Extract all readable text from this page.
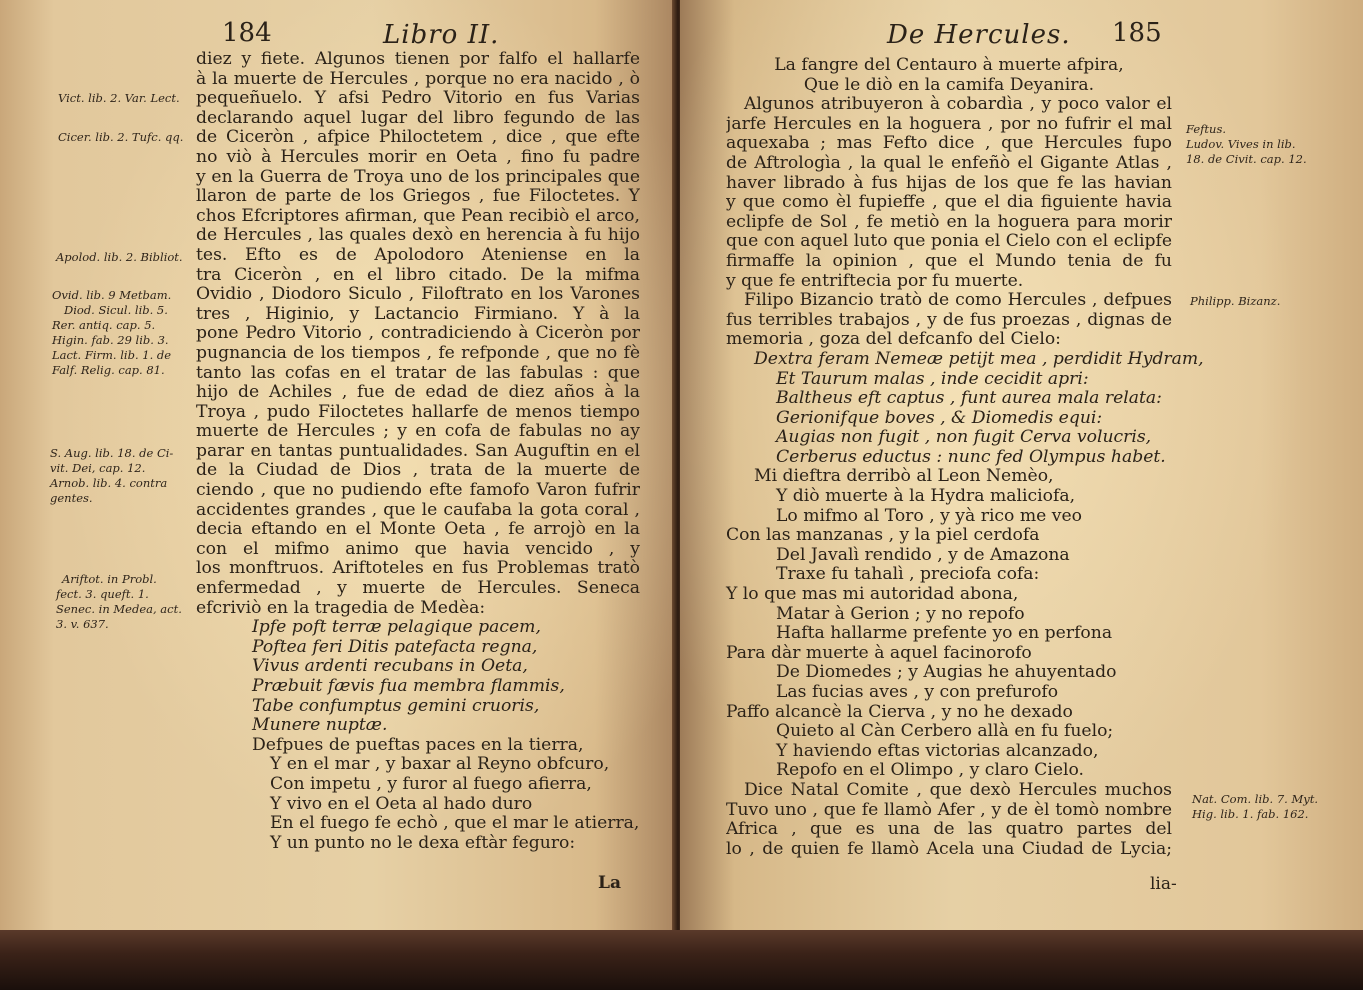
184	Libro II.
diez y fiete. Algunos tienen por falfo el hallarfe
à la muerte de Hercules , porque no era nacido , ò
pequeñuelo. Y afsi Pedro Vitorio en fus Varias
declarando aquel lugar del libro fegundo de las
de Ciceròn , afpice Philoctetem , dice , que efte
no viò à Hercules morir en Oeta , fino fu padre
y en la Guerra de Troya uno de los principales que
llaron de parte de los Griegos , fue Filoctetes. Y
chos Efcriptores afirman, que Pean recibiò el arco,
de Hercules , las quales dexò en herencia à fu hijo
tes. Efto es de Apolodoro Ateniense en la
tra Ciceròn , en el libro citado. De la mifma
Ovidio , Diodoro Siculo , Filoftrato en los Varones
tres , Higinio, y Lactancio Firmiano. Y à la
pone Pedro Vitorio , contradiciendo à Ciceròn por
pugnancia de los tiempos , fe refponde , que no fè
tanto las cofas en el tratar de las fabulas : que
hijo de Achiles , fue de edad de diez años à la
Troya , pudo Filoctetes hallarfe de menos tiempo
muerte de Hercules ; y en cofa de fabulas no ay
parar en tantas puntualidades. San Auguftin en el
de la Ciudad de Dios , trata de la muerte de
ciendo , que no pudiendo efte famofo Varon fufrir
accidentes grandes , que le caufaba la gota coral ,
decia eftando en el Monte Oeta , fe arrojò en la
con el mifmo animo que havia vencido , y
los monftruos. Ariftoteles en fus Problemas tratò
enfermedad , y muerte de Hercules. Seneca
efcriviò en la tragedia de Medèa:
Ipfe poft terræ pelagique pacem,
Poftea feri Ditis patefacta regna,
Vivus ardenti recubans in Oeta,
Præbuit fævis fua membra flammis,
Tabe confumptus gemini cruoris,
Munere nuptæ.
Defpues de pueftas paces en la tierra,
Y en el mar , y baxar al Reyno obfcuro,
Con impetu , y furor al fuego afierra,
Y vivo en el Oeta al hado duro
En el fuego fe echò , que el mar le atierra,
Y un punto no le dexa eftàr feguro:
La
Vict. lib. 2. Var. Lect.
Cicer. lib. 2. Tufc. qq.
Apolod. lib. 2. Bibliot.
Ovid. lib. 9 Metbam.
Diod. Sicul. lib. 5.
Rer. antiq. cap. 5.
Higin. fab. 29 lib. 3.
Lact. Firm. lib. 1. de
Falf. Relig. cap. 81.
S. Aug. lib. 18. de Ci-
vit. Dei, cap. 12.
Arnob. lib. 4. contra
gentes.
Ariftot. in Probl.
fect. 3. queft. 1.
Senec. in Medea, act.
3. v. 637.
De Hercules. 185
La fangre del Centauro à muerte afpira,
Que le diò en la camifa Deyanira.
Algunos atribuyeron à cobardìa , y poco valor el
jarfe Hercules en la hoguera , por no fufrir el mal
aquexaba ; mas Fefto dice , que Hercules fupo
de Aftrologìa , la qual le enfeñò el Gigante Atlas ,
haver librado à fus hijas de los que fe las havian
y que como èl fupieffe , que el dia figuiente havia
eclipfe de Sol , fe metiò en la hoguera para morir
que con aquel luto que ponia el Cielo con el eclipfe
firmaffe la opinion , que el Mundo tenia de fu
y que fe entriftecia por fu muerte.
Filipo Bizancio tratò de como Hercules , defpues
fus terribles trabajos , y de fus proezas , dignas de
memoria , goza del defcanfo del Cielo:
Dextra feram Nemeæ petijt mea , perdidit Hydram,
Et Taurum malas , inde cecidit apri:
Baltheus eft captus , funt aurea mala relata:
Gerionifque boves , & Diomedis equi:
Augias non fugit , non fugit Cerva volucris,
Cerberus eductus : nunc fed Olympus habet.
Mi dieftra derribò al Leon Nemèo,
Y diò muerte à la Hydra maliciofa,
Lo mifmo al Toro , y yà rico me veo
Con las manzanas , y la piel cerdofa
Del Javalì rendido , y de Amazona
Traxe fu tahalì , preciofa cofa:
Y lo que mas mi autoridad abona,
Matar à Gerion ; y no repofo
Hafta hallarme prefente yo en perfona
Para dàr muerte à aquel facinorofo
De Diomedes ; y Augias he ahuyentado
Las fucias aves , y con prefurofo
Paffo alcancè la Cierva , y no he dexado
Quieto al Càn Cerbero allà en fu fuelo;
Y haviendo eftas victorias alcanzado,
Repofo en el Olimpo , y claro Cielo.
Dice Natal Comite , que dexò Hercules muchos
Tuvo uno , que fe llamò Afer , y de èl tomò nombre
Africa , que es una de las quatro partes del
lo , de quien fe llamò Acela una Ciudad de Lycia;
lia-
Feftus.
Ludov. Vives in lib.
18. de Civit. cap. 12.
Philipp. Bizanz.
Nat. Com. lib. 7. Myt.
Hig. lib. 1. fab. 162.
